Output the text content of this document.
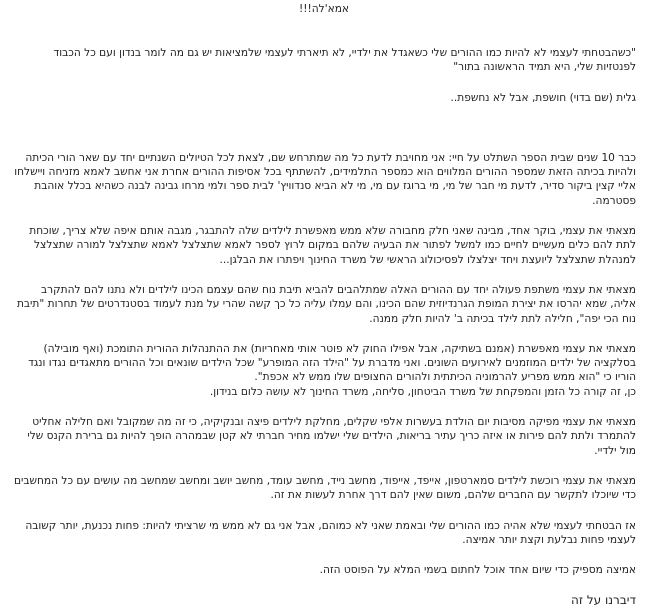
אמא'לה!!!

"כשהבטחתי לעצמי לא להיות כמו ההורים שלי כשאגדל את ילדיי, לא תיארתי לעצמי שלמציאות יש גם מה לומר בנדון ועם כל הכבוד לפנטזיות שלי, היא תמיד הראשונה בתור"

גלית (שם בדוי) חושפת, אבל לא נחשפת..

כבר 10 שנים שבית הספר השתלט על חיי: אני מחויבת לדעת כל מה שמתרחש שם, לצאת לכל הטיולים השנתיים יחד עם שאר הורי הכיתה ולהיות בכיתה הזאת שמספר ההורים המלווים הוא כמספר התלמידים, להשתתף בכל אסיפות ההורים אחרת אני אחשב לאמא מזניחה ויישלחו אליי קצין ביקור סדיר, לדעת מי חבר של מי, מי ברוגז עם מי, מי לא הביא סנדוויץ' לבית ספר ולמי מרחו גבינה לבנה כשהיא בכלל אוהבת פסטרמה.

מצאתי את עצמי, בוקר אחד, מבינה שאני חלק מחבורה שלא ממש מאפשרת לילדים שלה להתבגר, מגבה אותם איפה שלא צריך, שוכחת לתת להם כלים מעשיים לחיים כמו למשל לפתור את הבעיה שלהם במקום לרוץ לספר לאמא שתצלצל לאמא שתצלצל למורה שתצלצל למנהלת שתצלצל ליועצת ויחד יצלצלו לפסיכולוג הראשי של משרד החינוך ויפתרו את הבלגן...

מצאתי את עצמי משתפת פעולה יחד עם ההורים האלה שמתלהבים להביא תיבת נוח שהם עצמם הכינו לילדים ולא נתנו להם להתקרב אליה, שמא יהרסו את יצירת המופת הגרנדיוזית שהם הכינו, והם עמלו עליה כל כך קשה שהרי על מנת לעמוד בסטנדרטים של תחרות "תיבת נוח הכי יפה", חלילה לתת לילד בכיתה ב' להיות חלק ממנה.

מצאתי את עצמי מאפשרת (אמנם בשתיקה, אבל אפילו החוק לא פוטר אותי מאחריות) את ההתנהלות ההורית התומכת (ואף מובילה) בסלקציה של ילדים המוזמנים לאירועים השונים. ואני מדברת על "הילד הזה המופרע" שכל הילדים שונאים וכל ההורים מתאגדים נגדו ונגד הוריו כי "הוא ממש מפריע להרמוניה הכיתתית ולהורים החצופים שלו ממש לא אכפת".

כן, זה קורה כל הזמן והמפקחת של משרד הביטחון, סליחה, משרד החינוך לא עושה כלום בנידון.

מצאתי את עצמי מפיקה מסיבות יום הולדת בעשרות אלפי שקלים, מחלקת לילדים פיצה ובנקיקיה, כי זה מה שמקובל ואם חלילה אחליט להתמרד ולתת להם פירות או איזה כריך עתיר בריאות, הילדים שלי ישלמו מחיר חברתי לא קטן שבמהרה הופך להיות גם ברירת הקנס שלי מול ילדיי.

מצאתי את עצמי רוכשת לילדים סמארטפון, אייפד, אייפוד, מחשב נייד, מחשב עומד, מחשב יושב ומחשב שמחשב מה עושים עם כל המחשבים כדי שיוכלו לתקשר עם החברים שלהם, משום שאין להם דרך אחרת לעשות את זה.

אז הבטחתי לעצמי שלא אהיה כמו ההורים שלי ובאמת שאני לא כמוהם, אבל אני גם לא ממש מי שרציתי להיות: פחות נכנעת, יותר קשובה לעצמי פחות נבלעת וקצת יותר אמיצה.

אמיצה מספיק כדי שיום אחד אוכל לחתום בשמי המלא על הפוסט הזה.

דיברנו על זה
